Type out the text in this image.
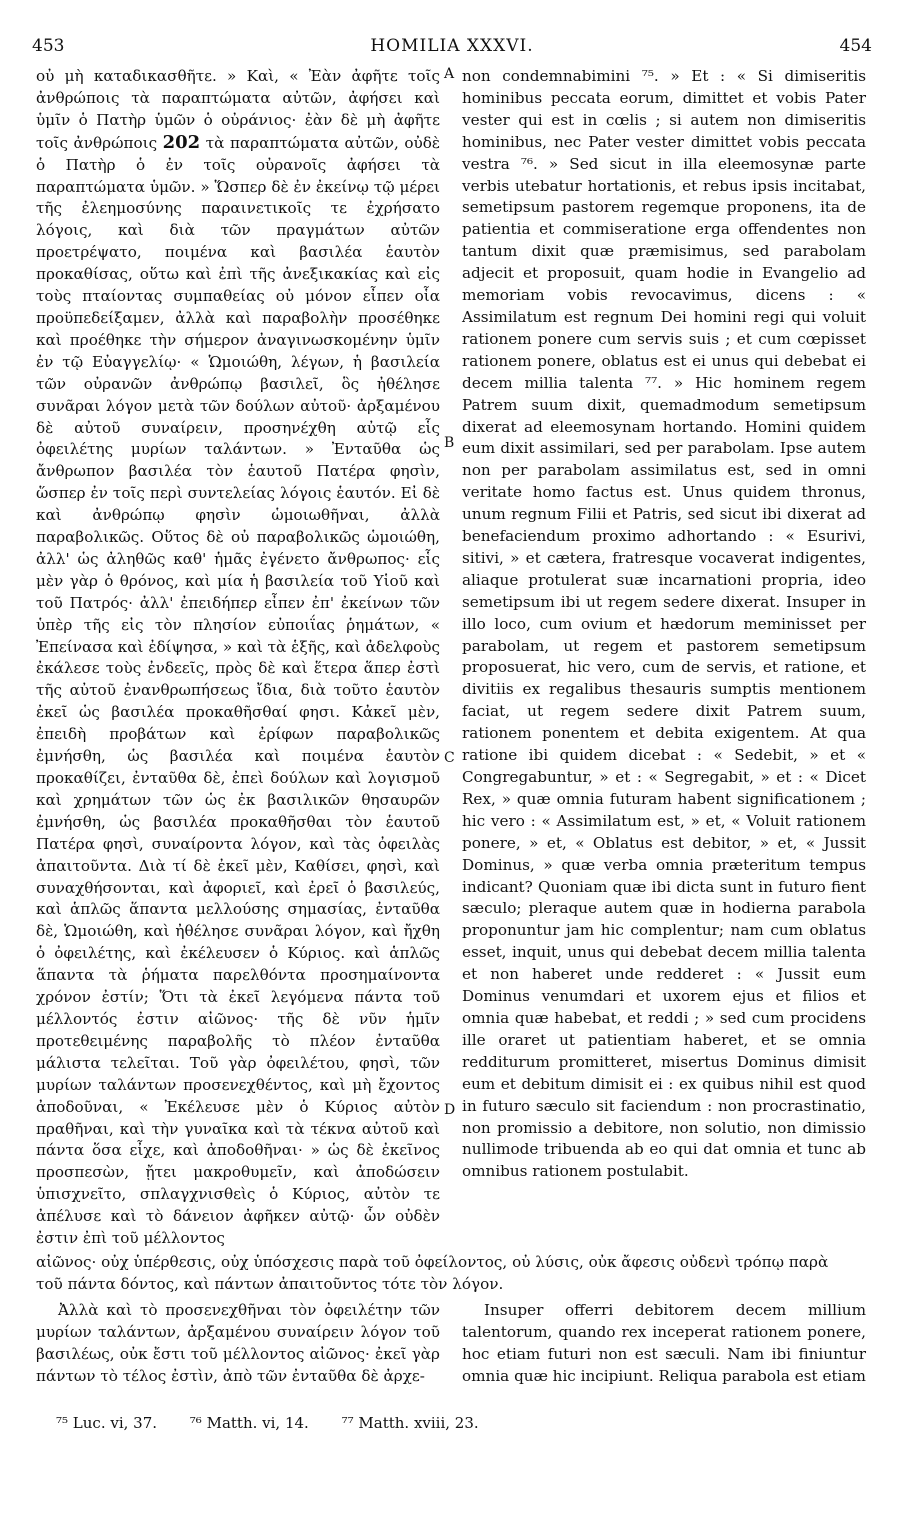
453	HOMILIA XXXVI.	454

οὐ μὴ καταδικασθῆτε. » Καὶ, « Ἐὰν ἀφῆτε τοῖς ἀνθρώποις τὰ παραπτώματα αὐτῶν, ἀφήσει καὶ ὑμῖν ὁ Πατὴρ ὑμῶν ὁ οὐράνιος· ἐὰν δὲ μὴ ἀφῆτε τοῖς ἀνθρώποις 202 τὰ παραπτώματα αὐτῶν, οὐδὲ ὁ Πατὴρ ὁ ἐν τοῖς οὐρανοῖς ἀφήσει τὰ παραπτώματα ὑμῶν. » Ὥσπερ δὲ ἐν ἐκείνῳ τῷ μέρει τῆς ἐλεημοσύνης παραινετικοῖς τε ἐχρήσατο λόγοις, καὶ διὰ τῶν πραγμάτων αὐτῶν προετρέψατο, ποιμένα καὶ βασιλέα ἑαυτὸν προκαθίσας, οὕτω καὶ ἐπὶ τῆς ἀνεξικακίας καὶ εἰς τοὺς πταίοντας συμπαθείας οὐ μόνον εἶπεν οἷα προϋπεδείξαμεν, ἀλλὰ καὶ παραβολὴν προσέθηκε καὶ προέθηκε τὴν σήμερον ἀναγινωσκομένην ὑμῖν ἐν τῷ Εὐαγγελίῳ· « Ὡμοιώθη, λέγων, ἡ βασιλεία τῶν οὐρανῶν ἀνθρώπῳ βασιλεῖ, ὃς ἠθέλησε συνᾶραι λόγον μετὰ τῶν δούλων αὐτοῦ· ἀρξαμένου δὲ αὐτοῦ συναίρειν, προσηνέχθη αὐτῷ εἷς ὀφειλέτης μυρίων ταλάντων. » Ἐνταῦθα ὡς ἄνθρωπον βασιλέα τὸν ἑαυτοῦ Πατέρα φησὶν, ὥσπερ ἐν τοῖς περὶ συντελείας λόγοις ἑαυτόν. Εἰ δὲ καὶ ἀνθρώπῳ φησὶν ὡμοιωθῆναι, ἀλλὰ παραβολικῶς. Οὕτος δὲ οὐ παραβολικῶς ὡμοιώθη, ἀλλ' ὡς ἀληθῶς καθ' ἡμᾶς ἐγένετο ἄνθρωπος· εἷς μὲν γὰρ ὁ θρόνος, καὶ μία ἡ βασιλεία τοῦ Υἱοῦ καὶ τοῦ Πατρός· ἀλλ' ἐπειδήπερ εἶπεν ἐπ' ἐκείνων τῶν ὑπὲρ τῆς εἰς τὸν πλησίον εὐποιΐας ῥημάτων, « Ἐπείνασα καὶ ἐδίψησα, » καὶ τὰ ἑξῆς, καὶ ἀδελφοὺς ἐκάλεσε τοὺς ἐνδεεῖς, πρὸς δὲ καὶ ἕτερα ἅπερ ἐστὶ τῆς αὐτοῦ ἐνανθρωπήσεως ἴδια, διὰ τοῦτο ἑαυτὸν ἐκεῖ ὡς βασιλέα προκαθῆσθαί φησι. Κἀκεῖ μὲν, ἐπειδὴ προβάτων καὶ ἐρίφων παραβολικῶς ἐμνήσθη, ὡς βασιλέα καὶ ποιμένα ἑαυτὸν προκαθίζει, ἐνταῦθα δὲ, ἐπεὶ δούλων καὶ λογισμοῦ καὶ χρημάτων τῶν ὡς ἐκ βασιλικῶν θησαυρῶν ἐμνήσθη, ὡς βασιλέα προκαθῆσθαι τὸν ἑαυτοῦ Πατέρα φησὶ, συναίροντα λόγον, καὶ τὰς ὀφειλὰς ἀπαιτοῦντα. Διὰ τί δὲ ἐκεῖ μὲν, Καθίσει, φησὶ, καὶ συναχθήσονται, καὶ ἀφοριεῖ, καὶ ἐρεῖ ὁ βασιλεύς, καὶ ἁπλῶς ἅπαντα μελλούσης σημασίας, ἐνταῦθα δὲ, Ὡμοιώθη, καὶ ἠθέλησε συνᾶραι λόγον, καὶ ἤχθη ὁ ὀφειλέτης, καὶ ἐκέλευσεν ὁ Κύριος. καὶ ἁπλῶς ἅπαντα τὰ ῥήματα παρελθόντα προσημαίνοντα χρόνον ἐστίν; Ὅτι τὰ ἐκεῖ λεγόμενα πάντα τοῦ μέλλοντός ἐστιν αἰῶνος· τῆς δὲ νῦν ἡμῖν προτεθειμένης παραβολῆς τὸ πλέον ἐνταῦθα μάλιστα τελεῖται. Τοῦ γὰρ ὀφειλέτου, φησὶ, τῶν μυρίων ταλάντων προσενεχθέντος, καὶ μὴ ἔχοντος ἀποδοῦναι, « Ἐκέλευσε μὲν ὁ Κύριος αὐτὸν πραθῆναι, καὶ τὴν γυναῖκα καὶ τὰ τέκνα αὐτοῦ καὶ πάντα ὅσα εἶχε, καὶ ἀποδοθῆναι· » ὡς δὲ ἐκεῖνος προσπεσὼν, ᾔτει μακροθυμεῖν, καὶ ἀποδώσειν ὑπισχνεῖτο, σπλαγχνισθεὶς ὁ Κύριος, αὐτὸν τε ἀπέλυσε καὶ τὸ δάνειον ἀφῆκεν αὐτῷ· ὧν οὐδὲν ἐστιν ἐπὶ τοῦ μέλλοντος

non condemnabimini ⁷⁵. » Et : « Si dimiseritis hominibus peccata eorum, dimittet et vobis Pater vester qui est in cœlis ; si autem non dimiseritis hominibus, nec Pater vester dimittet vobis peccata vestra ⁷⁶. » Sed sicut in illa eleemosynæ parte verbis utebatur hortationis, et rebus ipsis incitabat, semetipsum pastorem regemque proponens, ita de patientia et commiseratione erga offendentes non tantum dixit quæ præmisimus, sed parabolam adjecit et proposuit, quam hodie in Evangelio ad memoriam vobis revocavimus, dicens : « Assimilatum est regnum Dei homini regi qui voluit rationem ponere cum servis suis ; et cum cœpisset rationem ponere, oblatus est ei unus qui debebat ei decem millia talenta ⁷⁷. » Hic hominem regem Patrem suum dixit, quemadmodum semetipsum dixerat ad eleemosynam hortando. Homini quidem eum dixit assimilari, sed per parabolam. Ipse autem non per parabolam assimilatus est, sed in omni veritate homo factus est. Unus quidem thronus, unum regnum Filii et Patris, sed sicut ibi dixerat ad benefaciendum proximo adhortando : « Esurivi, sitivi, » et cætera, fratresque vocaverat indigentes, aliaque protulerat suæ incarnationi propria, ideo semetipsum ibi ut regem sedere dixerat. Insuper in illo loco, cum ovium et hædorum meminisset per parabolam, ut regem et pastorem semetipsum proposuerat, hic vero, cum de servis, et ratione, et divitiis ex regalibus thesauris sumptis mentionem faciat, ut regem sedere dixit Patrem suum, rationem ponentem et debita exigentem. At qua ratione ibi quidem dicebat : « Sedebit, » et « Congregabuntur, » et : « Segregabit, » et : « Dicet Rex, » quæ omnia futuram habent significationem ; hic vero : « Assimilatum est, » et, « Voluit rationem ponere, » et, « Oblatus est debitor, » et, « Jussit Dominus, » quæ verba omnia præteritum tempus indicant? Quoniam quæ ibi dicta sunt in futuro fient sæculo; pleraque autem quæ in hodierna parabola proponuntur jam hic complentur; nam cum oblatus esset, inquit, unus qui debebat decem millia talenta et non haberet unde redderet : « Jussit eum Dominus venumdari et uxorem ejus et filios et omnia quæ habebat, et reddi ; » sed cum procidens ille oraret ut patientiam haberet, et se omnia redditurum promitteret, misertus Dominus dimisit eum et debitum dimisit ei : ex quibus nihil est quod in futuro sæculo sit faciendum : non procrastinatio, non promissio a debitore, non solutio, non dimissio nullimode tribuenda ab eo qui dat omnia et tunc ab omnibus rationem postulabit.

A
B
C
D

αἰῶνος· οὐχ ὑπέρθεσις, οὐχ ὑπόσχεσις παρὰ τοῦ ὀφείλοντος, οὐ λύσις, οὐκ ἄφεσις οὐδενὶ τρόπῳ παρὰ

τοῦ πάντα δόντος, καὶ πάντων ἀπαιτοῦντος τότε τὸν λόγον.

Ἀλλὰ καὶ τὸ προσενεχθῆναι τὸν ὀφειλέτην τῶν μυρίων ταλάντων, ἀρξαμένου συναίρειν λόγον τοῦ βασιλέως, οὐκ ἔστι τοῦ μέλλοντος αἰῶνος· ἐκεῖ γὰρ πάντων τὸ τέλος ἐστὶν, ἀπὸ τῶν ἐνταῦθα δὲ ἀρχε-
Insuper offerri debitorem decem millium talentorum, quando rex inceperat rationem ponere, hoc etiam futuri non est sæculi. Nam ibi finiuntur omnia quæ hic incipiunt. Reliqua parabola est etiam
⁷⁵ Luc. vi, 37. ⁷⁶ Matth. vi, 14. ⁷⁷ Matth. xviii, 23.
